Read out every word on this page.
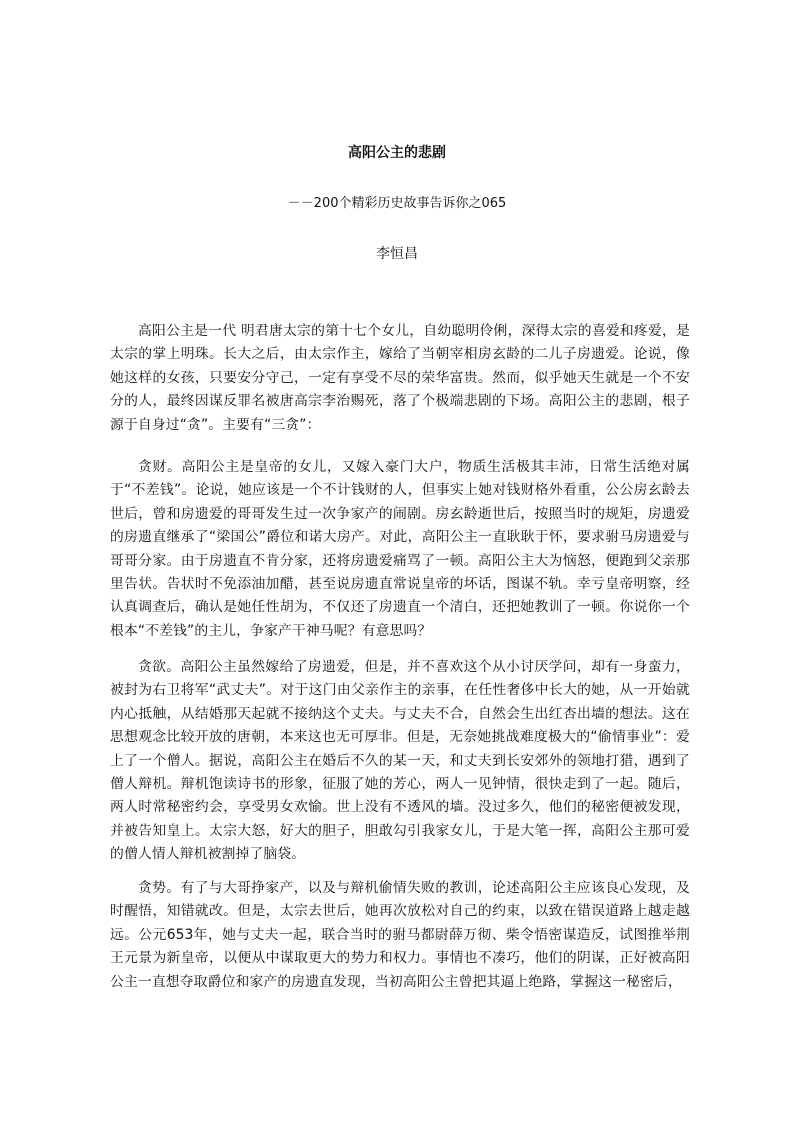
高阳公主的悲剧
－－200个精彩历史故事告诉你之065
李恒昌

高阳公主是一代 明君唐太宗的第十七个女儿，自幼聪明伶俐，深得太宗的喜爱和疼爱，是太宗的掌上明珠。长大之后，由太宗作主，嫁给了当朝宰相房玄龄的二儿子房遗爱。论说，像她这样的女孩，只要安分守己，一定有享受不尽的荣华富贵。然而，似乎她天生就是一个不安分的人，最终因谋反罪名被唐高宗李治赐死，落了个极端悲剧的下场。高阳公主的悲剧，根子源于自身过“贪”。主要有“三贪”：

贪财。高阳公主是皇帝的女儿，又嫁入豪门大户，物质生活极其丰沛，日常生活绝对属于“不差钱”。论说，她应该是一个不计钱财的人，但事实上她对钱财格外看重，公公房玄龄去世后，曾和房遗爱的哥哥发生过一次争家产的闹剧。房玄龄逝世后，按照当时的规矩，房遗爱的房遗直继承了“梁国公”爵位和诺大房产。对此，高阳公主一直耿耿于怀，要求驸马房遗爱与哥哥分家。由于房遗直不肯分家，还将房遗爱痛骂了一顿。高阳公主大为恼怒，便跑到父亲那里告状。告状时不免添油加醋，甚至说房遗直常说皇帝的坏话，图谋不轨。幸亏皇帝明察，经认真调查后，确认是她任性胡为，不仅还了房遗直一个清白，还把她教训了一顿。你说你一个根本“不差钱”的主儿，争家产干神马呢？有意思吗？

贪欲。高阳公主虽然嫁给了房遗爱，但是，并不喜欢这个从小讨厌学问，却有一身蛮力，被封为右卫将军“武丈夫”。对于这门由父亲作主的亲事，在任性奢侈中长大的她，从一开始就内心抵触，从结婚那天起就不接纳这个丈夫。与丈夫不合，自然会生出红杏出墙的想法。这在思想观念比较开放的唐朝，本来这也无可厚非。但是，无奈她挑战难度极大的“偷情事业”：爱上了一个僧人。据说，高阳公主在婚后不久的某一天，和丈夫到长安郊外的领地打猎，遇到了僧人辩机。辩机饱读诗书的形象，征服了她的芳心，两人一见钟情，很快走到了一起。随后，两人时常秘密约会，享受男女欢愉。世上没有不透风的墙。没过多久，他们的秘密便被发现，并被告知皇上。太宗大怒，好大的胆子，胆敢勾引我家女儿，于是大笔一挥，高阳公主那可爱的僧人情人辩机被割掉了脑袋。

贪势。有了与大哥挣家产，以及与辩机偷情失败的教训，论述高阳公主应该良心发现，及时醒悟，知错就改。但是，太宗去世后，她再次放松对自己的约束，以致在错误道路上越走越远。公元653年，她与丈夫一起，联合当时的驸马都尉薛万彻、柴令悟密谋造反，试图推举荆王元景为新皇帝，以便从中谋取更大的势力和权力。事情也不凑巧，他们的阴谋，正好被高阳公主一直想夺取爵位和家产的房遗直发现，当初高阳公主曾把其逼上绝路，掌握这一秘密后，
